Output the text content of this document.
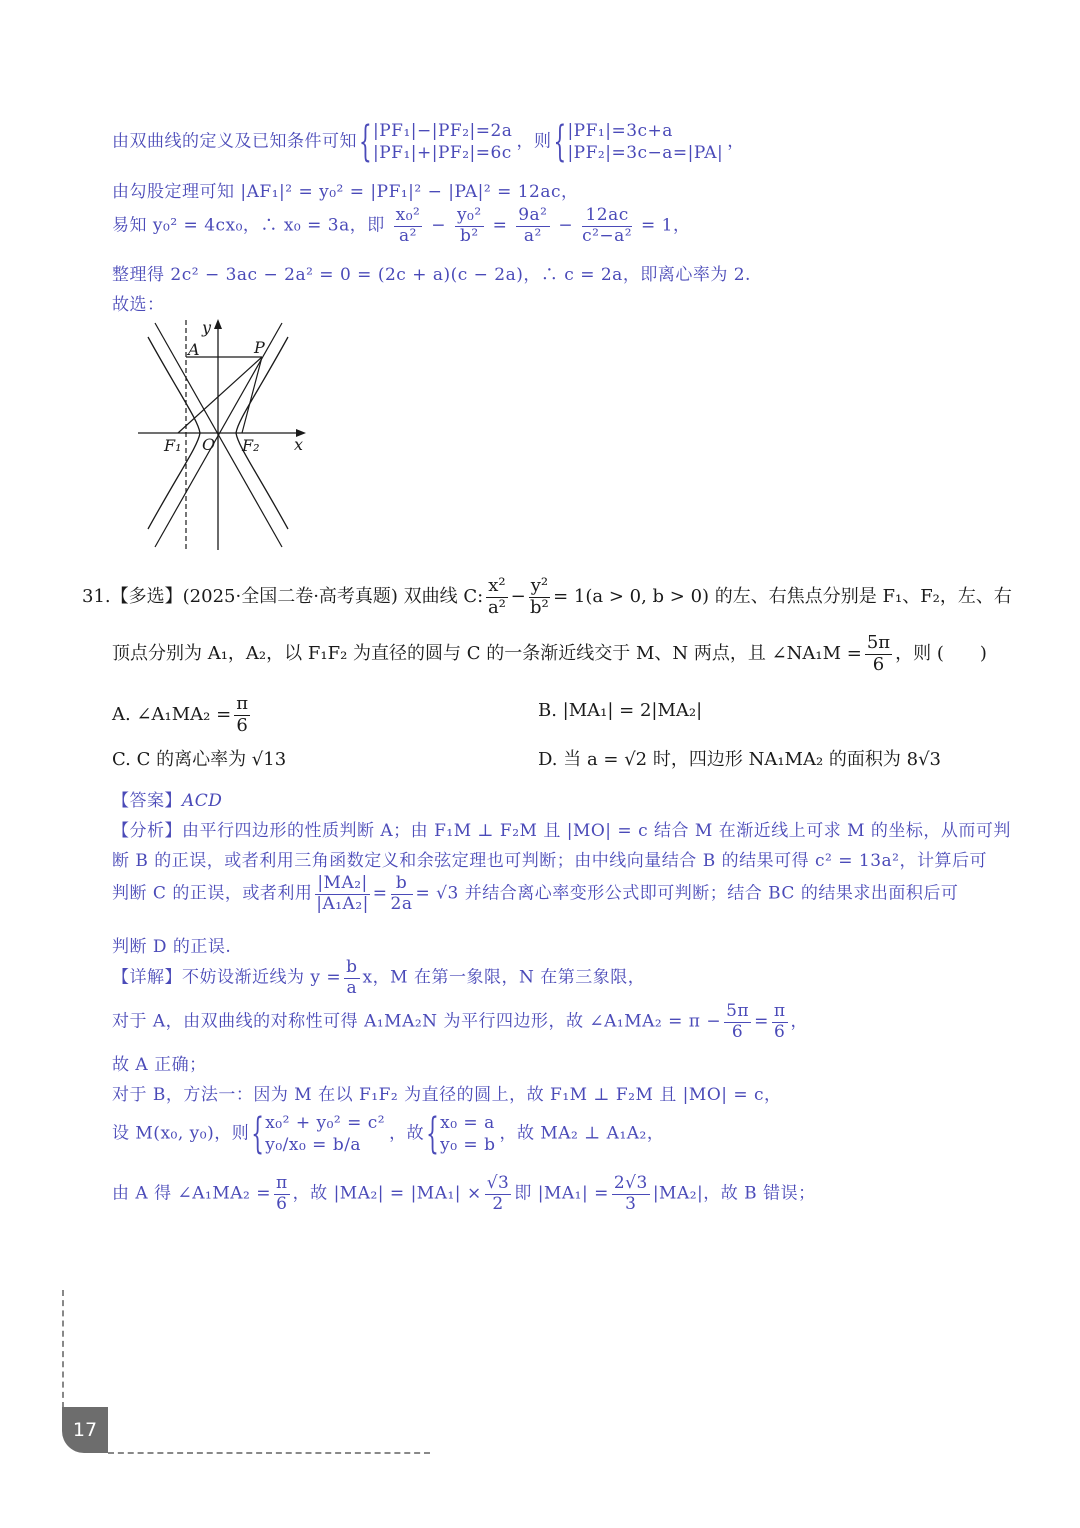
由双曲线的定义及已知条件可知
{ |PF₁|−|PF₂|=2a
|PF₁|+|PF₂|=6c
，则
{ |PF₁|=3c+a
|PF₂|=3c−a=|PA|
，
由勾股定理可知 |AF₁|² = y₀² = |PF₁|² − |PA|² = 12ac，
易知 y₀² = 4cx₀，∴ x₀ = 3a，即 $\frac{\text{x₀²}}{\text{a²}} - \frac{\text{y₀²}}{\text{b²}} = \frac{\text{9a²}}{\text{a²}} - \frac{12ac}{\text{c²−a²}} = 1$，
整理得 2c² − 3ac − 2a² = 0 = (2c + a)(c − 2a)，∴ c = 2a，即离心率为 2.
故选：
y
x
A	P
F₁ O F₂
31.【多选】(2025·全国二卷·高考真题) 双曲线 C: $\frac{\text{x²}}{\text{a²}} - \frac{\text{y²}}{\text{b²}} = 1(a > 0$, b > 0) 的左、右焦点分别是 F₁、F₂，左、右
顶点分别为 A₁，A₂，以 F₁F₂ 为直径的圆与 C 的一条渐近线交于 M、N 两点，且 ∠NA₁M = $\frac{5\pi}{6}$ ，则 (　　)
A. ∠A₁MA₂ = $\frac{\pi}{6}$	B. |MA₁| = 2|MA₂|
C. C 的离心率为 √13	D. 当 a = √2 时，四边形 NA₁MA₂ 的面积为 8√3
【答案】ACD
【分析】由平行四边形的性质判断 A；由 F₁M ⊥ F₂M 且 |MO| = c 结合 M 在渐近线上可求 M 的坐标，从而可判
断 B 的正误，或者利用三角函数定义和余弦定理也可判断；由中线向量结合 B 的结果可得 c² = 13a²，计算后可
判断 C 的正误，或者利用 $\frac{\text{|MA₂|}}{\text{|A₁A₂|}} = \frac{b}{2a} = √3$ 并结合离心率变形公式即可判断；结合 BC 的结果求出面积后可
判断 D 的正误.
【详解】不妨设渐近线为 $y = \frac{b}{a}$ x，M 在第一象限，N 在第三象限，
对于 A，由双曲线的对称性可得 A₁MA₂N 为平行四边形，故 ∠A₁MA₂ = $\pi - \frac{5\pi}{6} = \frac{\pi}{6}$ ，
故 A 正确；
对于 B，方法一：因为 M 在以 F₁F₂ 为直径的圆上，故 F₁M ⊥ F₂M 且 |MO| = c，
设 M(x₀, y₀)，则
{ x₀² + y₀² = c²
y₀/x₀ = b/a
，故
{ x₀ = a
y₀ = b
，故 MA₂ ⊥ A₁A₂，
由 A 得 ∠A₁MA₂ = $\frac{\pi}{6}$ ，故 $|MA_2| = |MA_1| \times \frac{√3}{2}$ 即 $|MA_1| = \frac{2√3}{3} |MA_2|$，故 B 错误；
17
